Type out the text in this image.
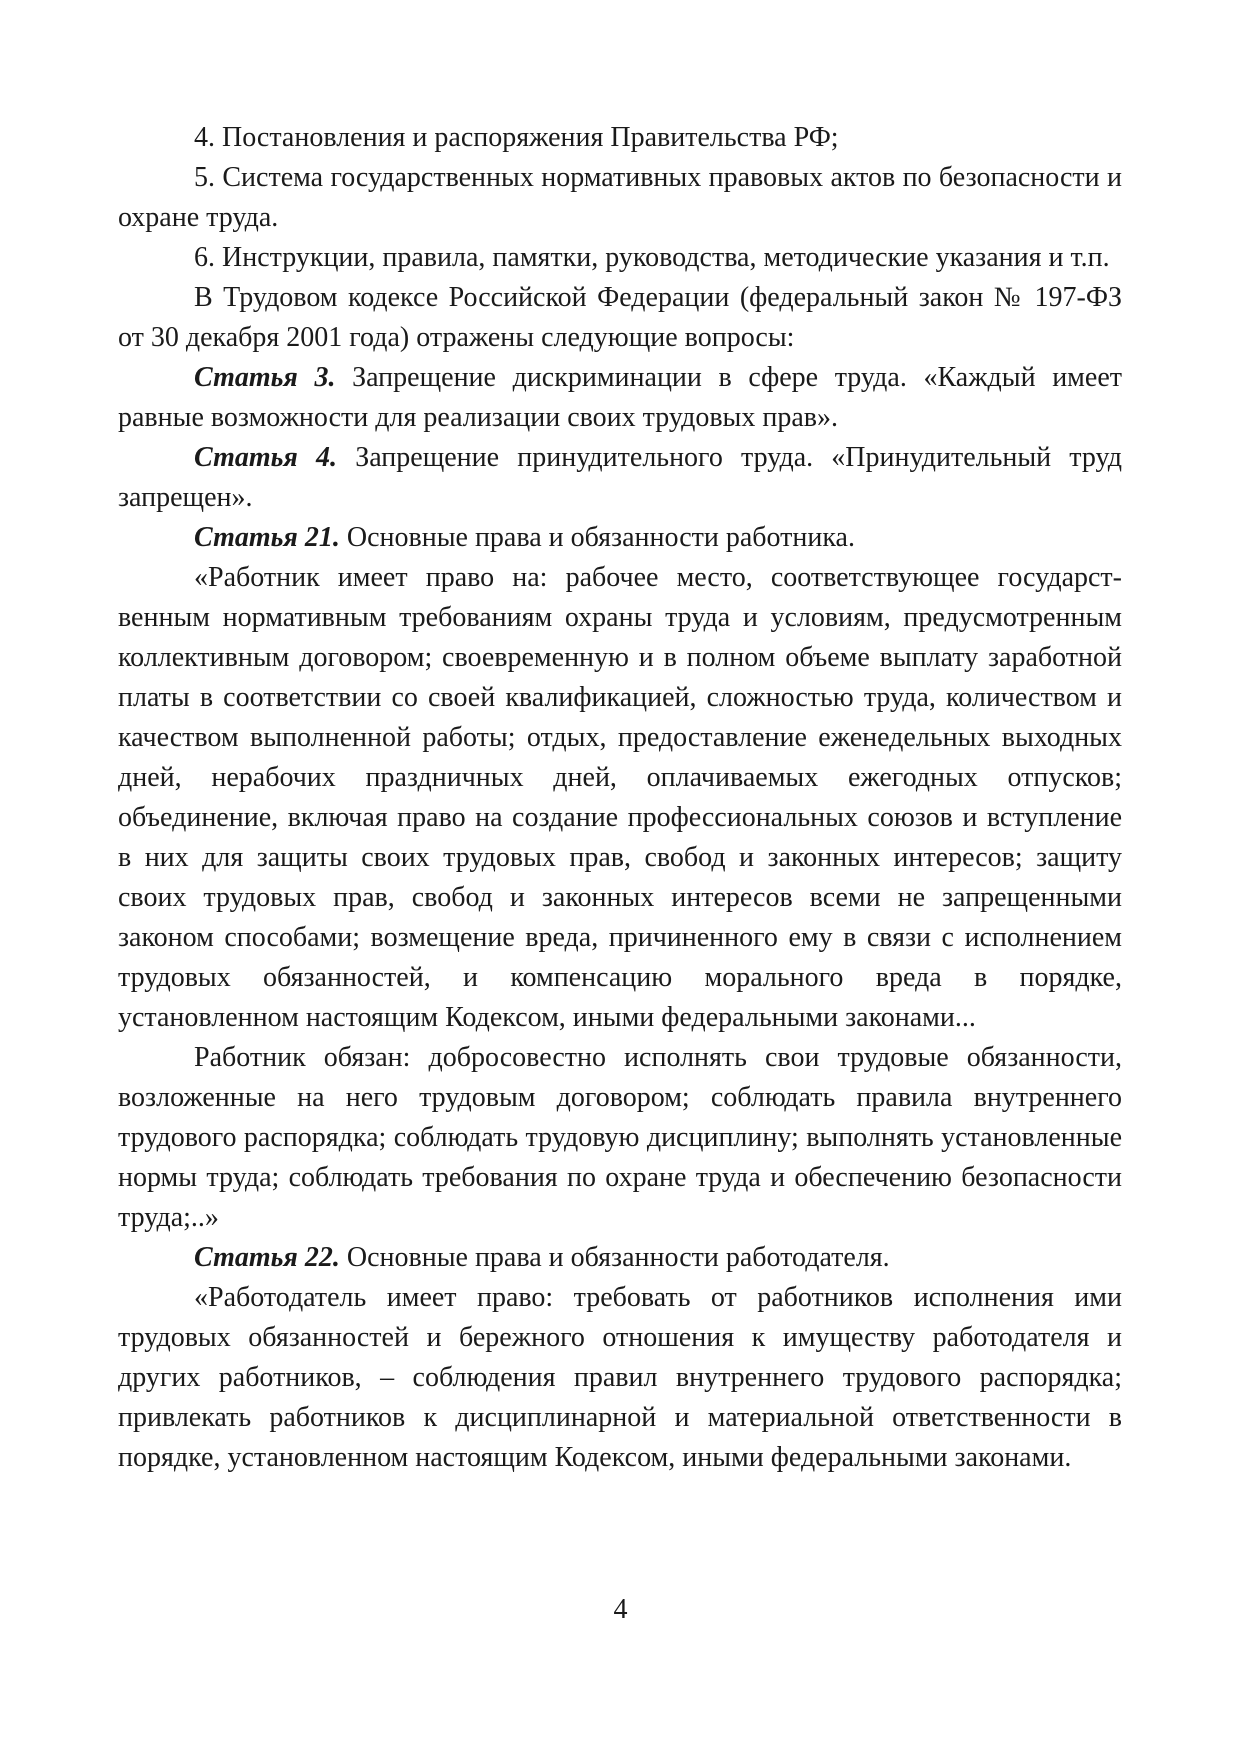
4. Постановления и распоряжения Правительства РФ;

5. Система государственных нормативных правовых актов по безопасности и охране труда.

6. Инструкции, правила, памятки, руководства, методические указания и т.п.

В Трудовом кодексе Российской Федерации (федеральный закон № 197-ФЗ от 30 декабря 2001 года) отражены следующие вопросы:

Статья 3. Запрещение дискриминации в сфере труда. «Каждый имеет равные возможности для реализации своих трудовых прав».

Статья 4. Запрещение принудительного труда. «Принудительный труд запрещен».

Статья 21. Основные права и обязанности работника.

«Работник имеет право на: рабочее место, соответствующее государственным нормативным требованиям охраны труда и условиям, предусмотренным коллективным договором; своевременную и в полном объеме выплату заработной платы в соответствии со своей квалификацией, сложностью труда, количеством и качеством выполненной работы; отдых, предоставление еженедельных выходных дней, нерабочих праздничных дней, оплачиваемых ежегодных отпусков; объединение, включая право на создание профессиональных союзов и вступление в них для защиты своих трудовых прав, свобод и законных интересов; защиту своих трудовых прав, свобод и законных интересов всеми не запрещенными законом способами; возмещение вреда, причиненного ему в связи с исполнением трудовых обязанностей, и компенсацию морального вреда в порядке, установленном настоящим Кодексом, иными федеральными законами...

Работник обязан: добросовестно исполнять свои трудовые обязанности, возложенные на него трудовым договором; соблюдать правила внутреннего трудового распорядка; соблюдать трудовую дисциплину; выполнять установленные нормы труда; соблюдать требования по охране труда и обеспечению безопасности труда;..»

Статья 22. Основные права и обязанности работодателя.

«Работодатель имеет право: требовать от работников исполнения ими трудовых обязанностей и бережного отношения к имуществу работодателя и других работников, – соблюдения правил внутреннего трудового распорядка; привлекать работников к дисциплинарной и материальной ответственности в порядке, установленном настоящим Кодексом, иными федеральными законами.

4
